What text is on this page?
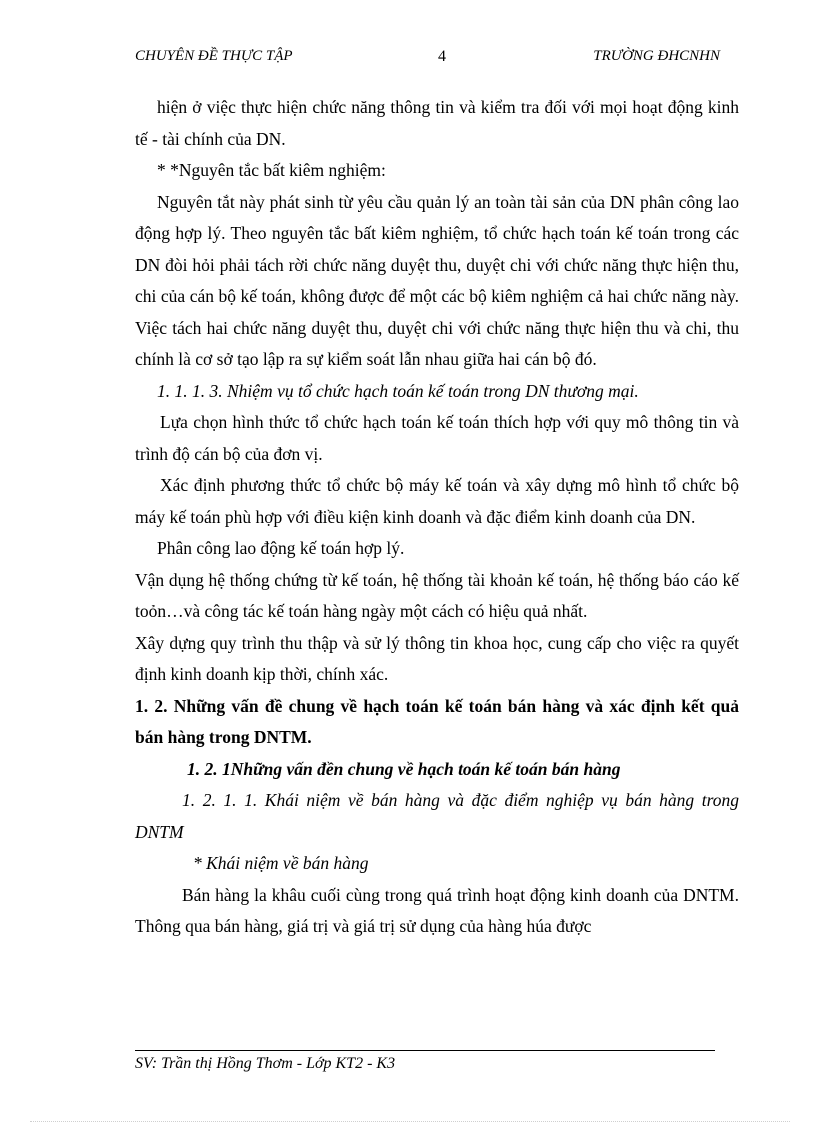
CHUYÊN ĐỀ THỰC TẬP	4	TRƯỜNG ĐHCNHN

hiện ở việc thực hiện chức năng thông tin và kiểm tra đối với mọi hoạt động kinh tế - tài chính của DN.

* *Nguyên tắc bất kiêm nghiệm:

Nguyên tắt này phát sinh từ yêu cầu quản lý an toàn tài sản của DN phân công lao động hợp lý. Theo nguyên tắc bất kiêm nghiệm, tổ chức hạch toán kế toán trong các DN đòi hỏi phải tách rời chức năng duyệt thu, duyệt chi với chức năng thực hiện thu, chi của cán bộ kế toán, không được để một các bộ kiêm nghiệm cả hai chức năng này. Việc tách hai chức năng duyệt thu, duyệt chi với chức năng thực hiện thu và chi, thu chính là cơ sở tạo lập ra sự kiểm soát lẫn nhau giữa hai cán bộ đó.

1. 1. 1. 3. Nhiệm vụ tổ chức hạch toán kế toán trong DN thương mại.

Lựa chọn hình thức tổ chức hạch toán kế toán thích hợp với quy mô thông tin và trình độ cán bộ của đơn vị.

Xác định phương thức tổ chức bộ máy kế toán và xây dựng mô hình tổ chức bộ máy kế toán phù hợp với điều kiện kinh doanh và đặc điểm kinh doanh của DN.

Phân công lao động kế toán hợp lý.

Vận dụng hệ thống chứng từ kế toán, hệ thống tài khoản kế toán, hệ thống báo cáo kế toỏn…và công tác kế toán hàng ngày một cách có hiệu quả nhất.

Xây dựng quy trình thu thập và sử lý thông tin khoa học, cung cấp cho việc ra quyết định kinh doanh kịp thời, chính xác.

1. 2. Những vấn đề chung về hạch toán kế toán bán hàng và xác định kết quả bán hàng trong DNTM.

1. 2. 1Những vấn đền chung về hạch toán kế toán bán hàng

1. 2. 1. 1. Khái niệm về bán hàng và đặc điểm nghiệp vụ bán hàng trong DNTM

* Khái niệm về bán hàng

Bán hàng la khâu cuối cùng trong quá trình hoạt động kinh doanh của DNTM. Thông qua bán hàng, giá trị và giá trị sử dụng của hàng húa được

SV: Trần thị Hồng Thơm - Lớp KT2 - K3
